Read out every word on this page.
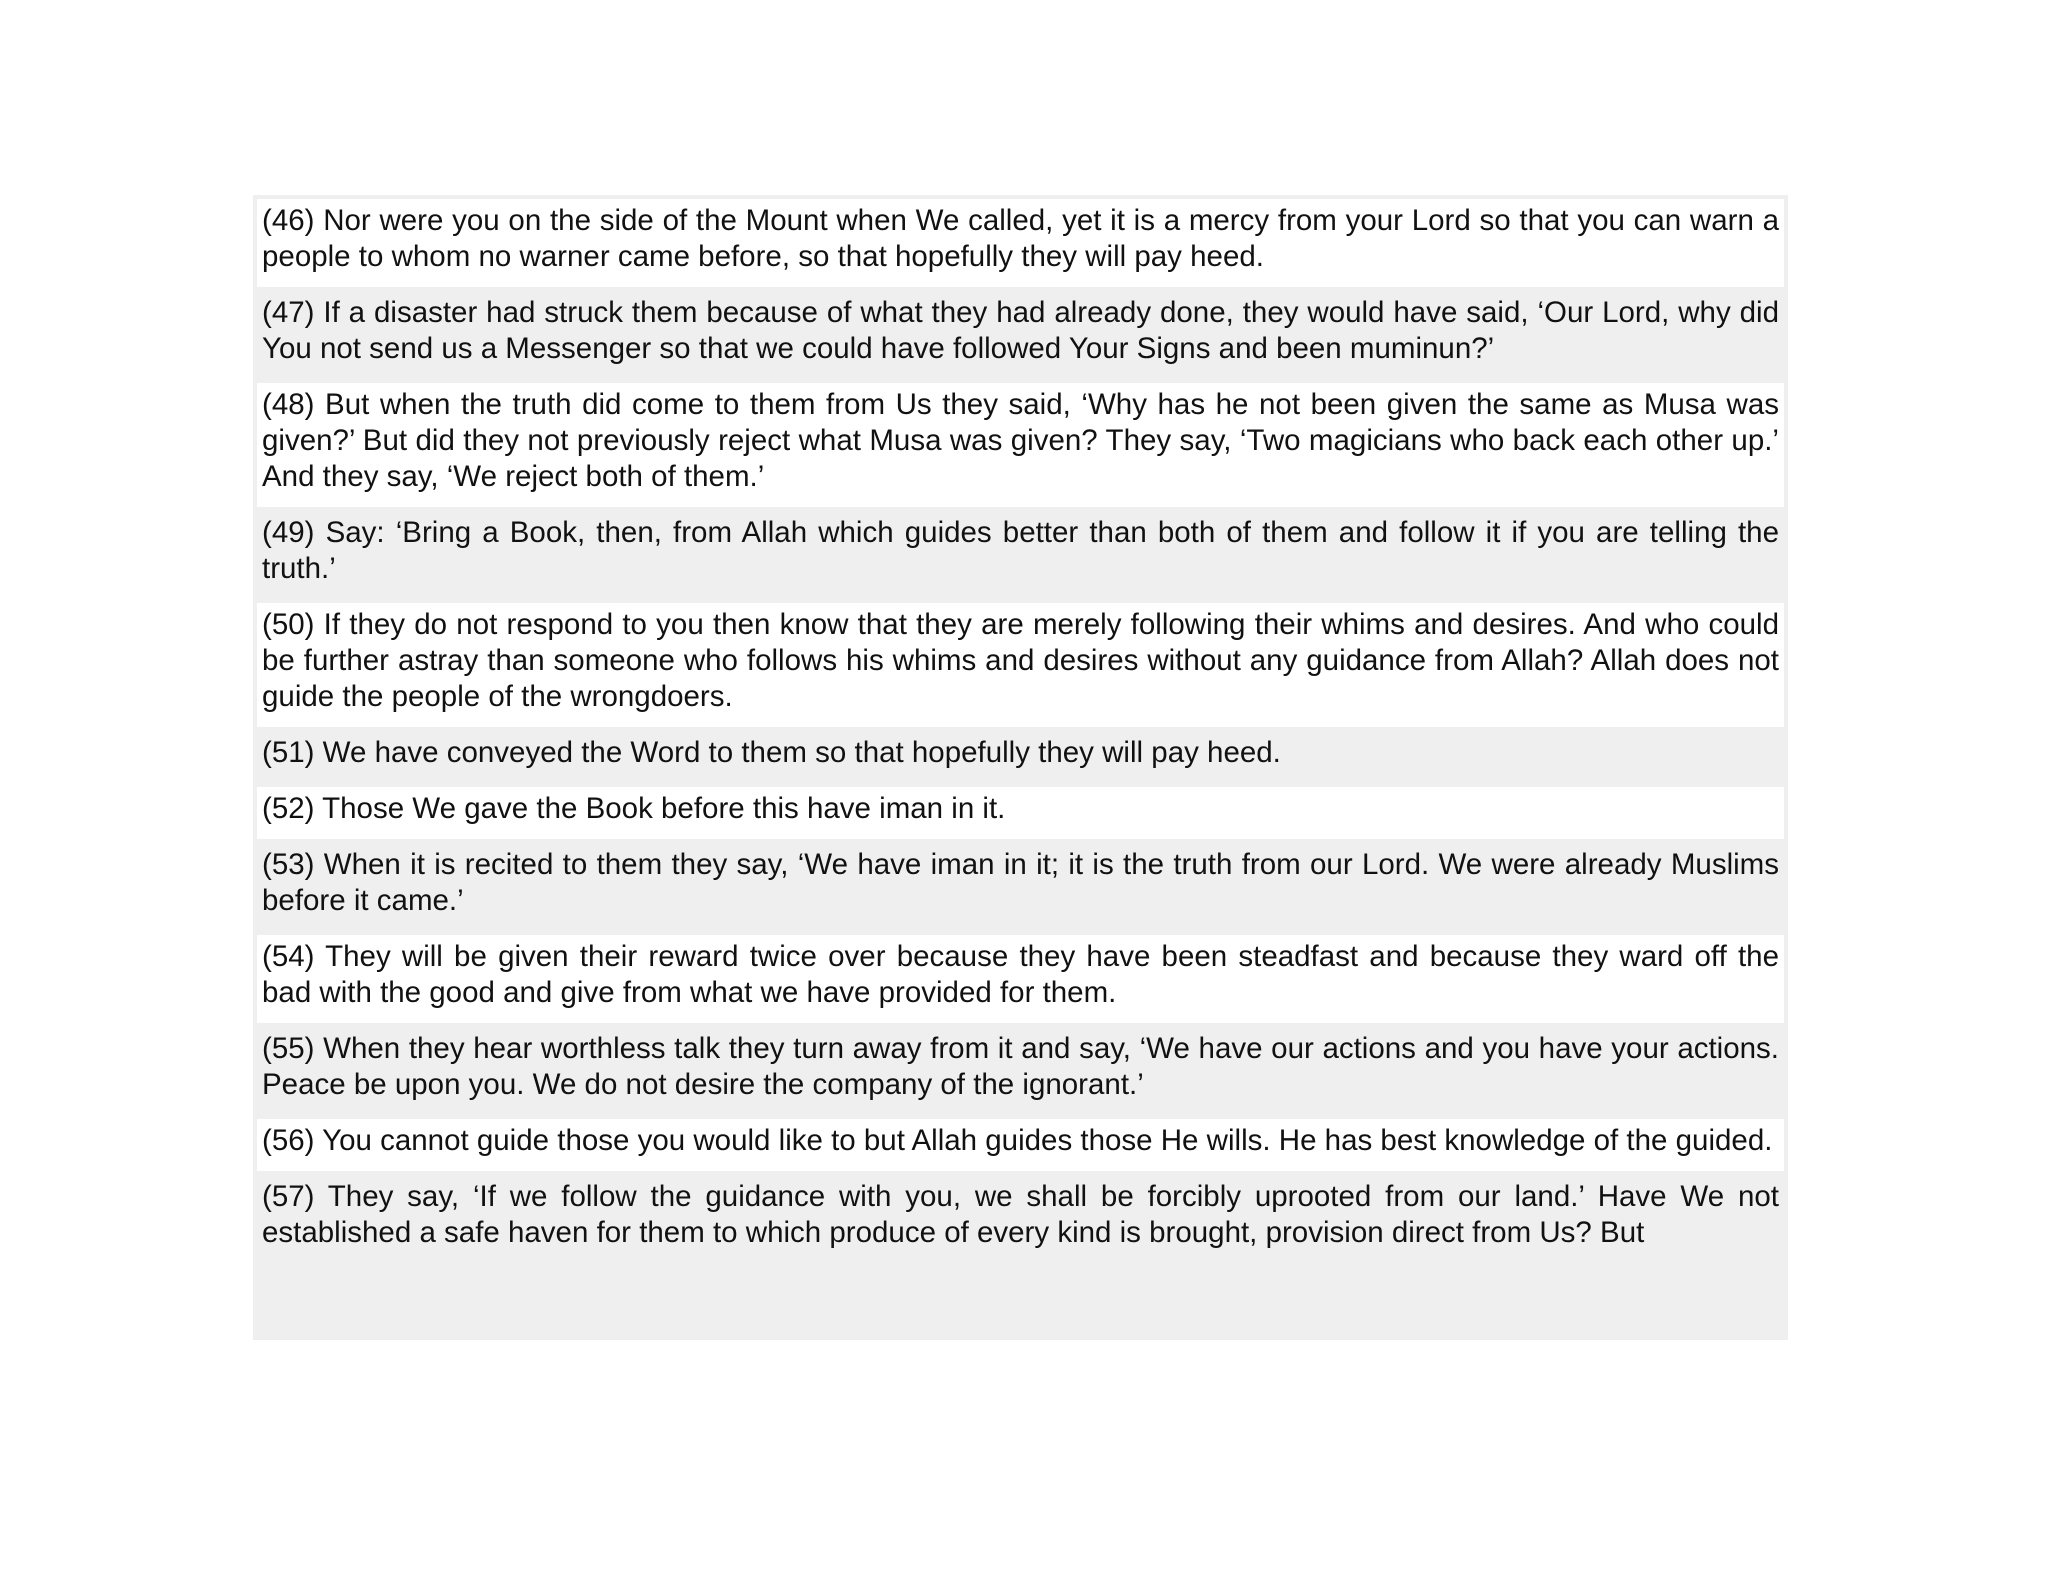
(46) Nor were you on the side of the Mount when We called, yet it is a mercy from your Lord so that you can warn a people to whom no warner came before, so that hopefully they will pay heed.
(47) If a disaster had struck them because of what they had already done, they would have said, ‘Our Lord, why did You not send us a Messenger so that we could have followed Your Signs and been muminun?’
(48) But when the truth did come to them from Us they said, ‘Why has he not been given the same as Musa was given?’ But did they not previously reject what Musa was given? They say, ‘Two magicians who back each other up.’ And they say, ‘We reject both of them.’
(49) Say: ‘Bring a Book, then, from Allah which guides better than both of them and follow it if you are telling the truth.’
(50) If they do not respond to you then know that they are merely following their whims and desires. And who could be further astray than someone who follows his whims and desires without any guidance from Allah? Allah does not guide the people of the wrongdoers.
(51) We have conveyed the Word to them so that hopefully they will pay heed.
(52) Those We gave the Book before this have iman in it.
(53) When it is recited to them they say, ‘We have iman in it; it is the truth from our Lord. We were already Muslims before it came.’
(54) They will be given their reward twice over because they have been steadfast and because they ward off the bad with the good and give from what we have provided for them.
(55) When they hear worthless talk they turn away from it and say, ‘We have our actions and you have your actions. Peace be upon you. We do not desire the company of the ignorant.’
(56) You cannot guide those you would like to but Allah guides those He wills. He has best knowledge of the guided.
(57) They say, ‘If we follow the guidance with you, we shall be forcibly uprooted from our land.’ Have We not established a safe haven for them to which produce of every kind is brought, provision direct from Us? But
